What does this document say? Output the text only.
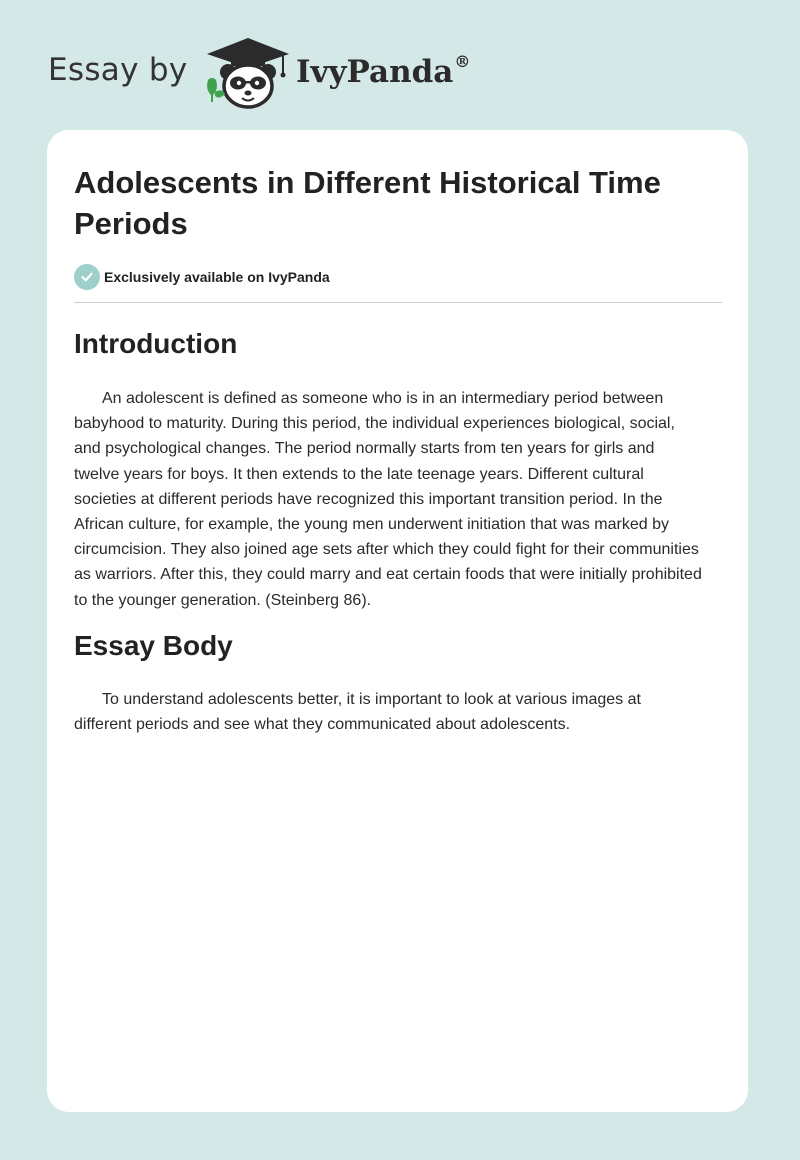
Essay by	IvyPanda®
Adolescents in Different Historical Time Periods
Exclusively available on IvyPanda
Introduction

An adolescent is defined as someone who is in an intermediary period between babyhood to maturity. During this period, the individual experiences biological, social, and psychological changes. The period normally starts from ten years for girls and twelve years for boys. It then extends to the late teenage years. Different cultural societies at different periods have recognized this important transition period. In the African culture, for example, the young men underwent initiation that was marked by circumcision. They also joined age sets after which they could fight for their communities as warriors. After this, they could marry and eat certain foods that were initially prohibited to the younger generation. (Steinberg 86).

Essay Body

To understand adolescents better, it is important to look at various images at different periods and see what they communicated about adolescents.
